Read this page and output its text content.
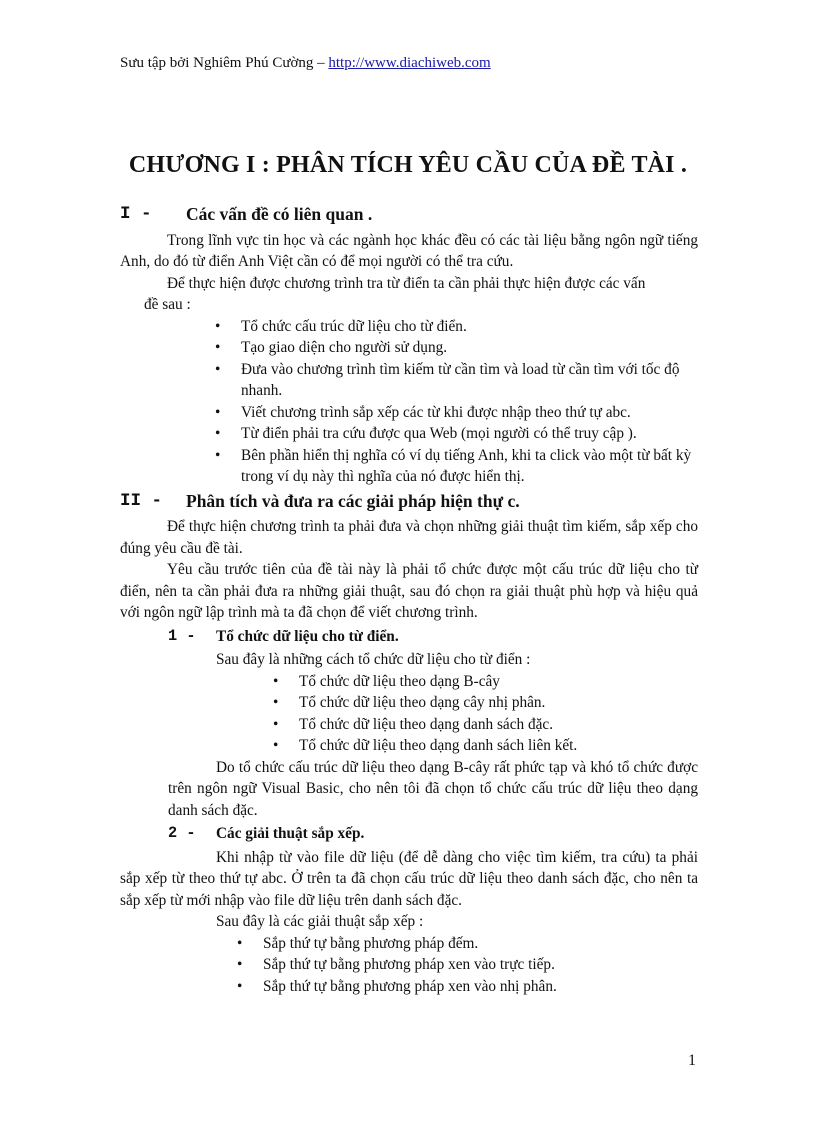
Sưu tập bởi Nghiêm Phú Cường – http://www.diachiweb.com
CHƯƠNG I : PHÂN TÍCH YÊU CẦU CỦA ĐỀ TÀI .
I -	Các vấn đề có liên quan .

Trong lĩnh vực tin học và các ngành học khác đều có các tài liệu bằng ngôn ngữ tiếng Anh, do đó từ điển Anh Việt cần có để mọi người có thể tra cứu.

Để thực hiện được chương trình tra từ điển ta cần phải thực hiện được các vấn

đề sau :

• Tổ chức cấu trúc dữ liệu cho từ điển.
• Tạo giao diện cho người sử dụng.
• Đưa vào chương trình tìm kiếm từ cần tìm và load từ cần tìm với tốc độ nhanh.
• Viết chương trình sắp xếp các từ khi được nhập theo thứ tự abc.
• Từ điển phải tra cứu được qua Web (mọi người có thể truy cập ).
• Bên phần hiển thị nghĩa có ví dụ tiếng Anh, khi ta click vào một từ bất kỳ trong ví dụ này thì nghĩa của nó được hiển thị.
II -	Phân tích và đưa ra các giải pháp hiện thự c.

Để thực hiện chương trình ta phải đưa và chọn những giải thuật tìm kiếm, sắp xếp cho đúng yêu cầu đề tài.

Yêu cầu trước tiên của đề tài này là phải tổ chức được một cấu trúc dữ liệu cho từ điển, nên ta cần phải đưa ra những giải thuật, sau đó chọn ra giải thuật phù hợp và hiệu quả với ngôn ngữ lập trình mà ta đã chọn để viết chương trình.

1 -	Tổ chức dữ liệu cho từ điển.

Sau đây là những cách tổ chức dữ liệu cho từ điển :

• Tổ chức dữ liệu theo dạng B-cây
• Tổ chức dữ liệu theo dạng cây nhị phân.
• Tổ chức dữ liệu theo dạng danh sách đặc.
• Tổ chức dữ liệu theo dạng danh sách liên kết.

Do tổ chức cấu trúc dữ liệu theo dạng B-cây rất phức tạp và khó tổ chức được trên ngôn ngữ Visual Basic, cho nên tôi đã chọn tổ chức cấu trúc dữ liệu theo dạng danh sách đặc.

2 -	Các giải thuật sắp xếp.

Khi nhập từ vào file dữ liệu (để dễ dàng cho việc tìm kiếm, tra cứu) ta phải sắp xếp từ theo thứ tự abc. Ở trên ta đã chọn cấu trúc dữ liệu theo danh sách đặc, cho nên ta sắp xếp từ mới nhập vào file dữ liệu trên danh sách đặc.

Sau đây là các giải thuật sắp xếp :

• Sắp thứ tự bằng phương pháp đếm.
• Sắp thứ tự bằng phương pháp xen vào trực tiếp.
• Sắp thứ tự bằng phương pháp xen vào nhị phân.
1
